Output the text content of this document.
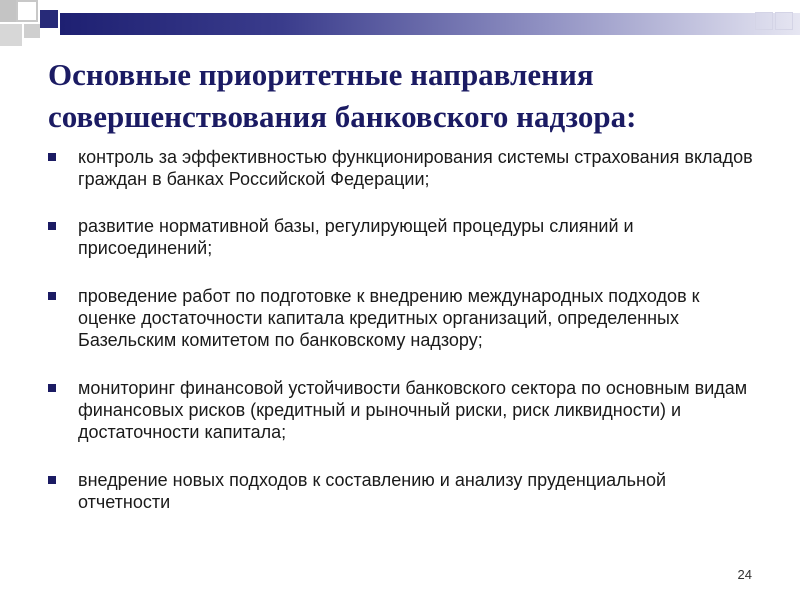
Основные приоритетные направления совершенствования банковского надзора:
контроль за эффективностью функционирования системы страхования вкладов граждан в банках Российской Федерации;
развитие нормативной базы, регулирующей процедуры слияний и присоединений;
проведение работ по подготовке к внедрению международных подходов к оценке достаточности капитала кредитных организаций, определенных Базельским комитетом по банковскому надзору;
мониторинг финансовой устойчивости банковского сектора по основным видам финансовых рисков (кредитный и рыночный риски, риск ликвидности) и достаточности капитала;
внедрение новых подходов к составлению и анализу пруденциальной отчетности
24
